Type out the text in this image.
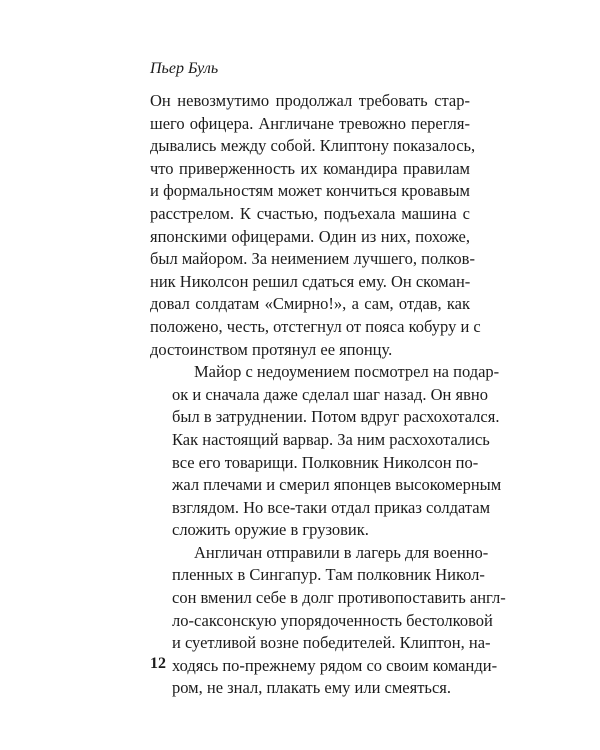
Пьер Буль
Он невозмутимо продолжал требовать стар-
шего офицера. Англичане тревожно перегля-
дывались между собой. Клиптону показалось,
что приверженность их командира правилам
и формальностям может кончиться кровавым
расстрелом. К счастью, подъехала машина с
японскими офицерами. Один из них, похоже,
был майором. За неимением лучшего, полков-
ник Николсон решил сдаться ему. Он скоман-
довал солдатам «Смирно!», а сам, отдав, как
положено, честь, отстегнул от пояса кобуру и с
достоинством протянул ее японцу.
Майор с недоумением посмотрел на подар-
ок и сначала даже сделал шаг назад. Он явно
был в затруднении. Потом вдруг расхохотался.
Как настоящий варвар. За ним расхохотались
все его товарищи. Полковник Николсон по-
жал плечами и смерил японцев высокомерным
взглядом. Но все-таки отдал приказ солдатам
сложить оружие в грузовик.
Англичан отправили в лагерь для военно-
пленных в Сингапур. Там полковник Никол-
сон вменил себе в долг противопоставить англ-
ло-саксонскую упорядоченность бестолковой
и суетливой возне победителей. Клиптон, на-
ходясь по-прежнему рядом со своим команди-
ром, не знал, плакать ему или смеяться.
12
